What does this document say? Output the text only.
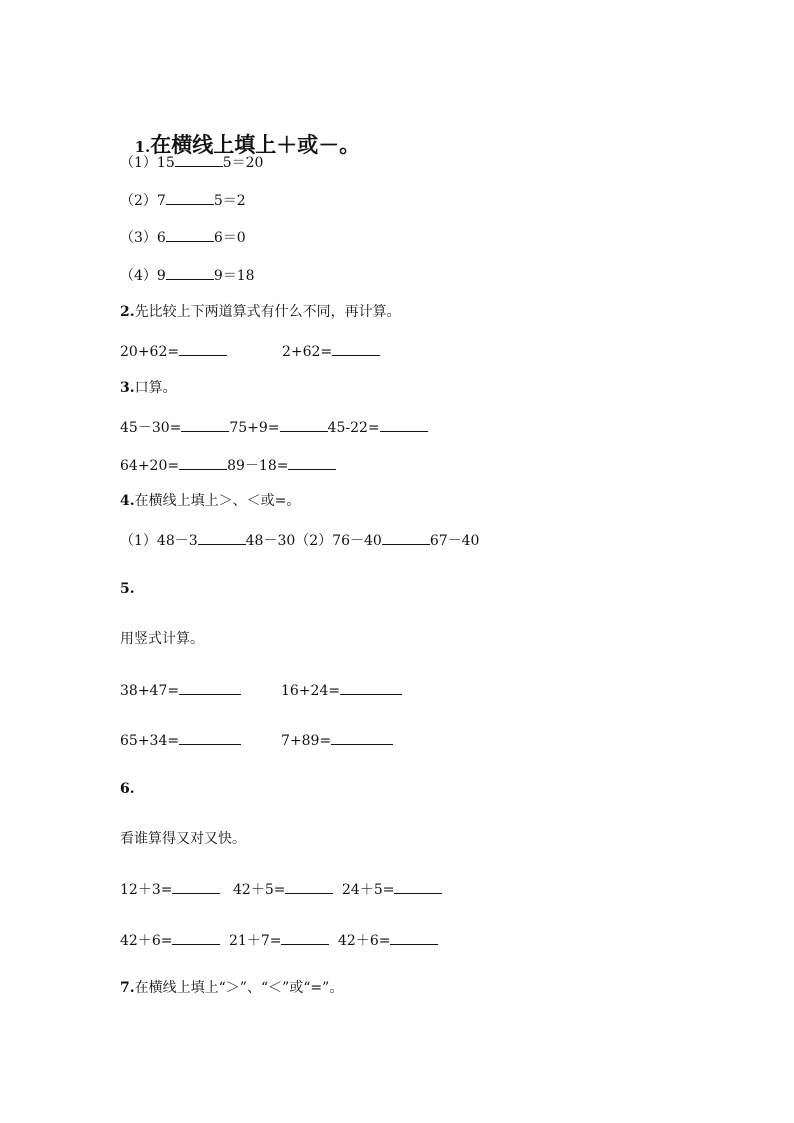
1.在横线上填上＋或－。

（1）15	5＝20
（2）7	5＝2
（3）6	6＝0
（4）9	9＝18
2.先比较上下两道算式有什么不同，再计算。
20+62=	2+62=
3.口算。
45－30=	75+9=	45-22=
64+20=	89－18=
4.在横线上填上＞、＜或=。
（1）48－3	48－30（2）76－40	67－40
5.
用竖式计算。
38+47=	16+24=
65+34=	7+89=
6.
看谁算得又对又快。
12＋3=	42＋5=	24＋5=
42＋6=	21＋7=	42＋6=
7.在横线上填上“＞”、“＜”或“=”。
